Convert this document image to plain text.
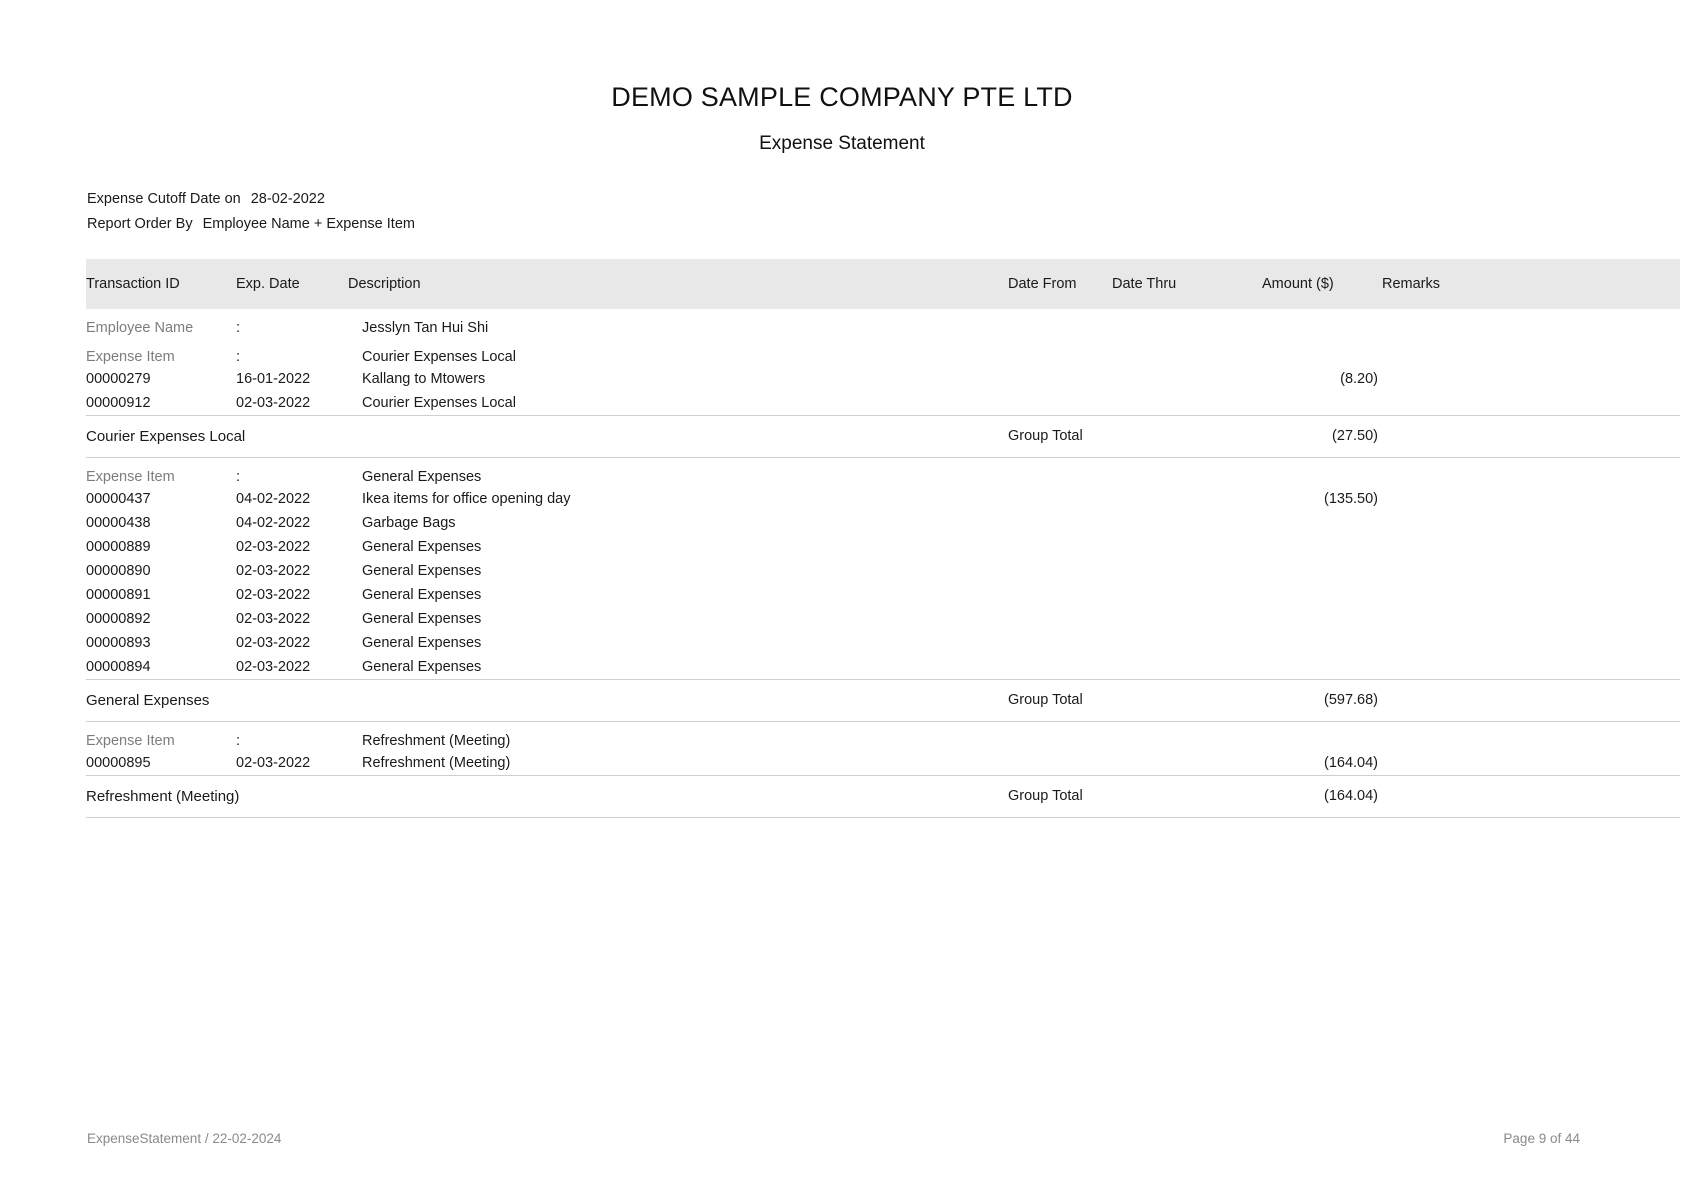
DEMO SAMPLE COMPANY PTE LTD
Expense Statement
Expense Cutoff Date on 28-02-2022
Report Order By Employee Name + Expense Item
Transaction ID	Exp. Date	Description	Date From	Date Thru	Amount ($)	Remarks
Employee Name	:	Jesslyn Tan Hui Shi				
Expense Item	:	Courier Expenses Local				
00000279	16-01-2022	Kallang to Mtowers			(8.20)	
00000912	02-03-2022	Courier Expenses Local				
Courier Expenses Local			Group Total		(27.50)	
Expense Item	:	General Expenses				
00000437	04-02-2022	Ikea items for office opening day			(135.50)	
00000438	04-02-2022	Garbage Bags				
00000889	02-03-2022	General Expenses				
00000890	02-03-2022	General Expenses				
00000891	02-03-2022	General Expenses				
00000892	02-03-2022	General Expenses				
00000893	02-03-2022	General Expenses				
00000894	02-03-2022	General Expenses				
General Expenses			Group Total		(597.68)	
Expense Item	:	Refreshment (Meeting)				
00000895	02-03-2022	Refreshment (Meeting)			(164.04)	
Refreshment (Meeting)			Group Total		(164.04)	
ExpenseStatement / 22-02-2024	Page 9 of 44
